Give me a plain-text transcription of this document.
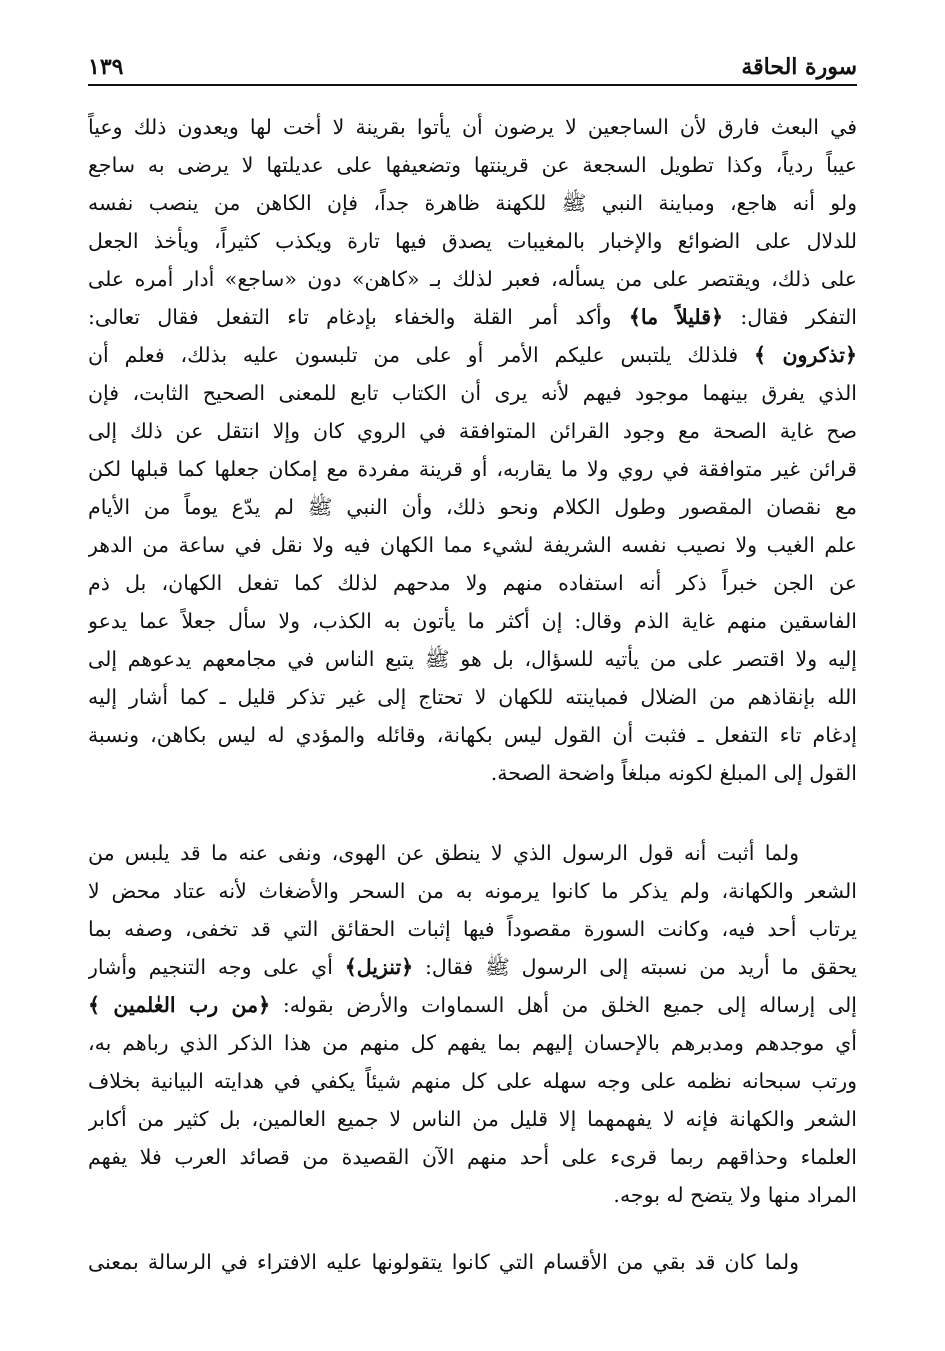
سورة الحاقة
١٣٩
في البعث فارق لأن الساجعين لا يرضون أن يأتوا بقرينة لا أخت لها ويعدون ذلك وعياً
عيباً ردياً، وكذا تطويل السجعة عن قرينتها وتضعيفها على عديلتها لا يرضى به ساجع
ولو أنه هاجع، ومباينة النبي ﷺ للكهنة ظاهرة جداً، فإن الكاهن من ينصب نفسه
للدلال على الضوائع والإخبار بالمغيبات يصدق فيها تارة ويكذب كثيراً، ويأخذ الجعل
على ذلك، ويقتصر على من يسأله، فعبر لذلك بـ «كاهن» دون «ساجع» أدار أمره على
التفكر فقال: ﴿قليلاً ما﴾ وأكد أمر القلة والخفاء بإدغام تاء التفعل فقال تعالى:
﴿تذكرون ﴾ فلذلك يلتبس عليكم الأمر أو على من تلبسون عليه بذلك، فعلم أن
الذي يفرق بينهما موجود فيهم لأنه يرى أن الكتاب تابع للمعنى الصحيح الثابت، فإن
صح غاية الصحة مع وجود القرائن المتوافقة في الروي كان وإلا انتقل عن ذلك إلى
قرائن غير متوافقة في روي ولا ما يقاربه، أو قرينة مفردة مع إمكان جعلها كما قبلها لكن
مع نقصان المقصور وطول الكلام ونحو ذلك، وأن النبي ﷺ لم يدّع يوماً من الأيام
علم الغيب ولا نصيب نفسه الشريفة لشيء مما الكهان فيه ولا نقل في ساعة من الدهر
عن الجن خبراً ذكر أنه استفاده منهم ولا مدحهم لذلك كما تفعل الكهان، بل ذم
الفاسقين منهم غاية الذم وقال: إن أكثر ما يأتون به الكذب، ولا سأل جعلاً عما يدعو
إليه ولا اقتصر على من يأتيه للسؤال، بل هو ﷺ يتبع الناس في مجامعهم يدعوهم إلى
الله بإنقاذهم من الضلال فمباينته للكهان لا تحتاج إلى غير تذكر قليل ـ كما أشار إليه
إدغام تاء التفعل ـ فثبت أن القول ليس بكهانة، وقائله والمؤدي له ليس بكاهن، ونسبة
القول إلى المبلغ لكونه مبلغاً واضحة الصحة.
ولما أثبت أنه قول الرسول الذي لا ينطق عن الهوى، ونفى عنه ما قد يلبس من
الشعر والكهانة، ولم يذكر ما كانوا يرمونه به من السحر والأضغاث لأنه عتاد محض لا
يرتاب أحد فيه، وكانت السورة مقصوداً فيها إثبات الحقائق التي قد تخفى، وصفه بما
يحقق ما أريد من نسبته إلى الرسول ﷺ فقال: ﴿تنزيل﴾ أي على وجه التنجيم وأشار
إلى إرساله إلى جميع الخلق من أهل السماوات والأرض بقوله: ﴿من رب العٰلمين ﴾
أي موجدهم ومدبرهم بالإحسان إليهم بما يفهم كل منهم من هذا الذكر الذي رباهم به،
ورتب سبحانه نظمه على وجه سهله على كل منهم شيئاً يكفي في هدايته البيانية بخلاف
الشعر والكهانة فإنه لا يفهمهما إلا قليل من الناس لا جميع العالمين، بل كثير من أكابر
العلماء وحذاقهم ربما قرىء على أحد منهم الآن القصيدة من قصائد العرب فلا يفهم
المراد منها ولا يتضح له بوجه.
ولما كان قد بقي من الأقسام التي كانوا يتقولونها عليه الافتراء في الرسالة بمعنى
